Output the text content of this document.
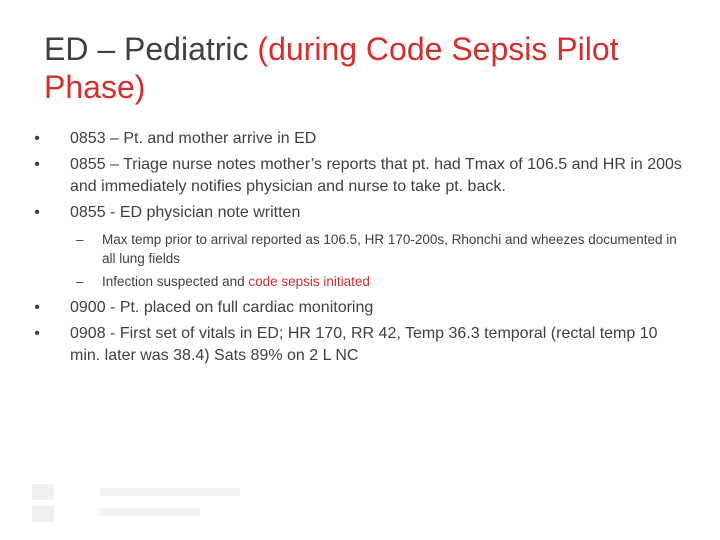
ED – Pediatric (during Code Sepsis Pilot Phase)
• 0853 – Pt. and mother arrive in ED
• 0855 – Triage nurse notes mother’s reports that pt. had Tmax of 106.5 and HR in 200s and immediately notifies physician and nurse to take pt. back.
• 0855 - ED physician note written
– Max temp prior to arrival reported as 106.5, HR 170-200s, Rhonchi and wheezes documented in all lung fields
– Infection suspected and code sepsis initiated
• 0900 - Pt. placed on full cardiac monitoring
• 0908 - First set of vitals in ED; HR 170, RR 42, Temp 36.3 temporal (rectal temp 10 min. later was 38.4) Sats 89% on 2 L NC
